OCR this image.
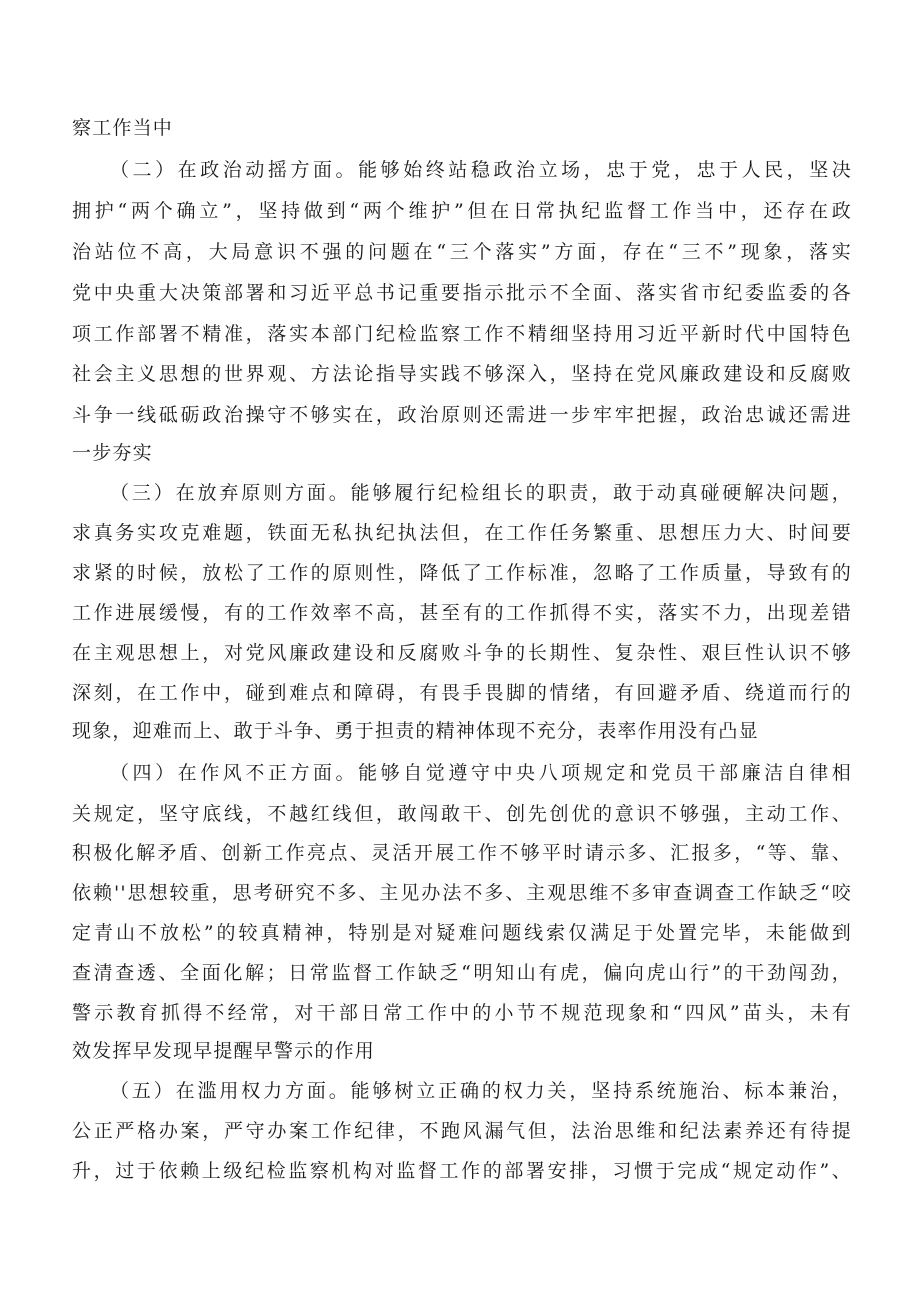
察工作当中
（二）在政治动摇方面。能够始终站稳政治立场，忠于党，忠于人民，坚决
拥护“两个确立”，坚持做到“两个维护”但在日常执纪监督工作当中，还存在政
治站位不高，大局意识不强的问题在“三个落实”方面，存在“三不”现象，落实
党中央重大决策部署和习近平总书记重要指示批示不全面、落实省市纪委监委的各
项工作部署不精准，落实本部门纪检监察工作不精细坚持用习近平新时代中国特色
社会主义思想的世界观、方法论指导实践不够深入，坚持在党风廉政建设和反腐败
斗争一线砥砺政治操守不够实在，政治原则还需进一步牢牢把握，政治忠诚还需进
一步夯实
（三）在放弃原则方面。能够履行纪检组长的职责，敢于动真碰硬解决问题，
求真务实攻克难题，铁面无私执纪执法但，在工作任务繁重、思想压力大、时间要
求紧的时候，放松了工作的原则性，降低了工作标准，忽略了工作质量，导致有的
工作进展缓慢，有的工作效率不高，甚至有的工作抓得不实，落实不力，出现差错
在主观思想上，对党风廉政建设和反腐败斗争的长期性、复杂性、艰巨性认识不够
深刻，在工作中，碰到难点和障碍，有畏手畏脚的情绪，有回避矛盾、绕道而行的
现象，迎难而上、敢于斗争、勇于担责的精神体现不充分，表率作用没有凸显
（四）在作风不正方面。能够自觉遵守中央八项规定和党员干部廉洁自律相
关规定，坚守底线，不越红线但，敢闯敢干、创先创优的意识不够强，主动工作、
积极化解矛盾、创新工作亮点、灵活开展工作不够平时请示多、汇报多，“等、靠、
依赖''思想较重，思考研究不多、主见办法不多、主观思维不多审查调查工作缺乏“咬
定青山不放松”的较真精神，特别是对疑难问题线索仅满足于处置完毕，未能做到
查清查透、全面化解；日常监督工作缺乏“明知山有虎，偏向虎山行”的干劲闯劲，
警示教育抓得不经常，对干部日常工作中的小节不规范现象和“四风”苗头，未有
效发挥早发现早提醒早警示的作用
（五）在滥用权力方面。能够树立正确的权力关，坚持系统施治、标本兼治，
公正严格办案，严守办案工作纪律，不跑风漏气但，法治思维和纪法素养还有待提
升，过于依赖上级纪检监察机构对监督工作的部署安排，习惯于完成“规定动作”、
